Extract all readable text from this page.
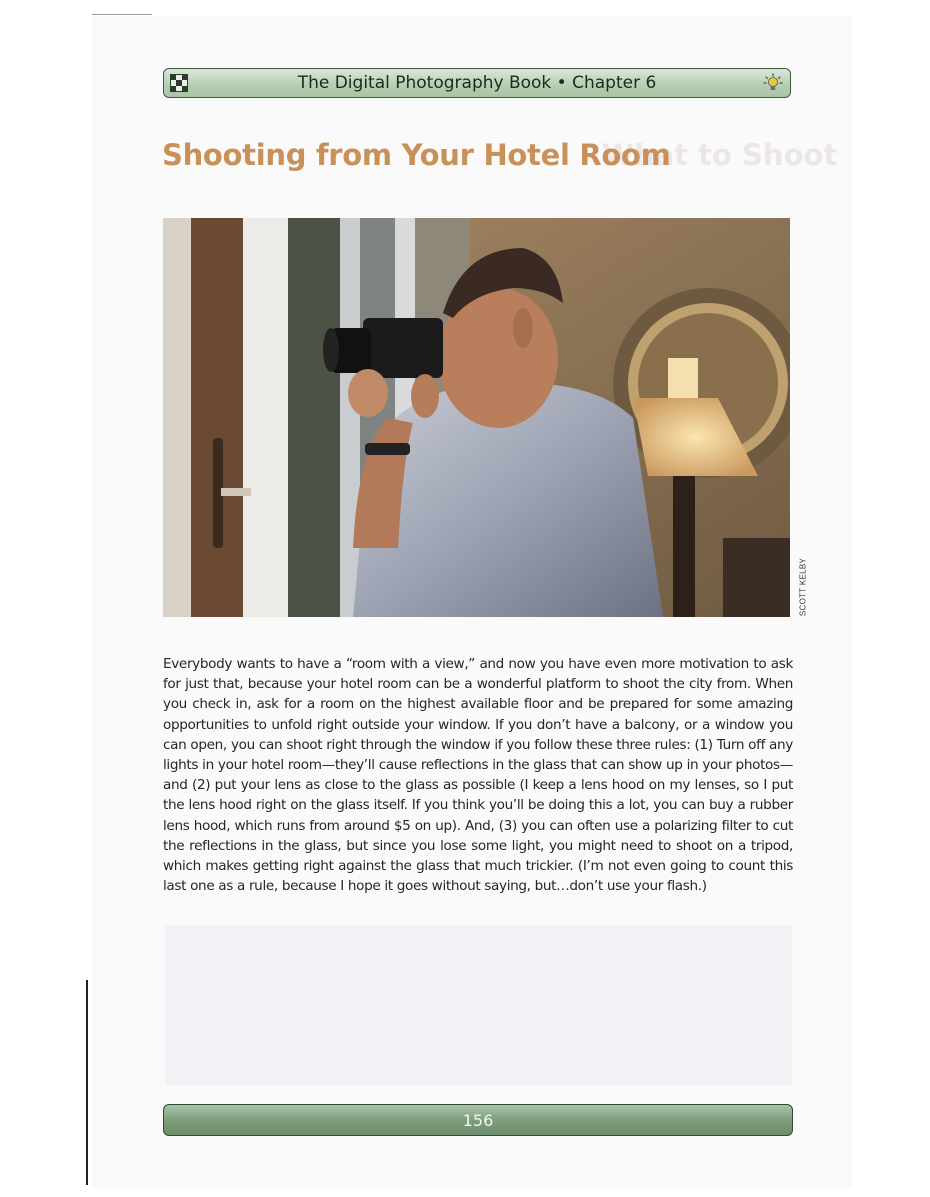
The Digital Photography Book • Chapter 6
What to Shoot
Shooting from Your Hotel Room
SCOTT KELBY

Everybody wants to have a “room with a view,” and now you have even more motivation to ask for just that, because your hotel room can be a wonderful platform to shoot the city from. When you check in, ask for a room on the highest available floor and be prepared for some amazing opportunities to unfold right outside your window. If you don’t have a balcony, or a window you can open, you can shoot right through the window if you follow these three rules: (1) Turn off any lights in your hotel room—they’ll cause reflections in the glass that can show up in your photos—and (2) put your lens as close to the glass as possible (I keep a lens hood on my lenses, so I put the lens hood right on the glass itself. If you think you’ll be doing this a lot, you can buy a rubber lens hood, which runs from around $5 on up). And, (3) you can often use a polarizing filter to cut the reflections in the glass, but since you lose some light, you might need to shoot on a tripod, which makes getting right against the glass that much trickier. (I’m not even going to count this last one as a rule, because I hope it goes without saying, but…don’t use your flash.)

156
